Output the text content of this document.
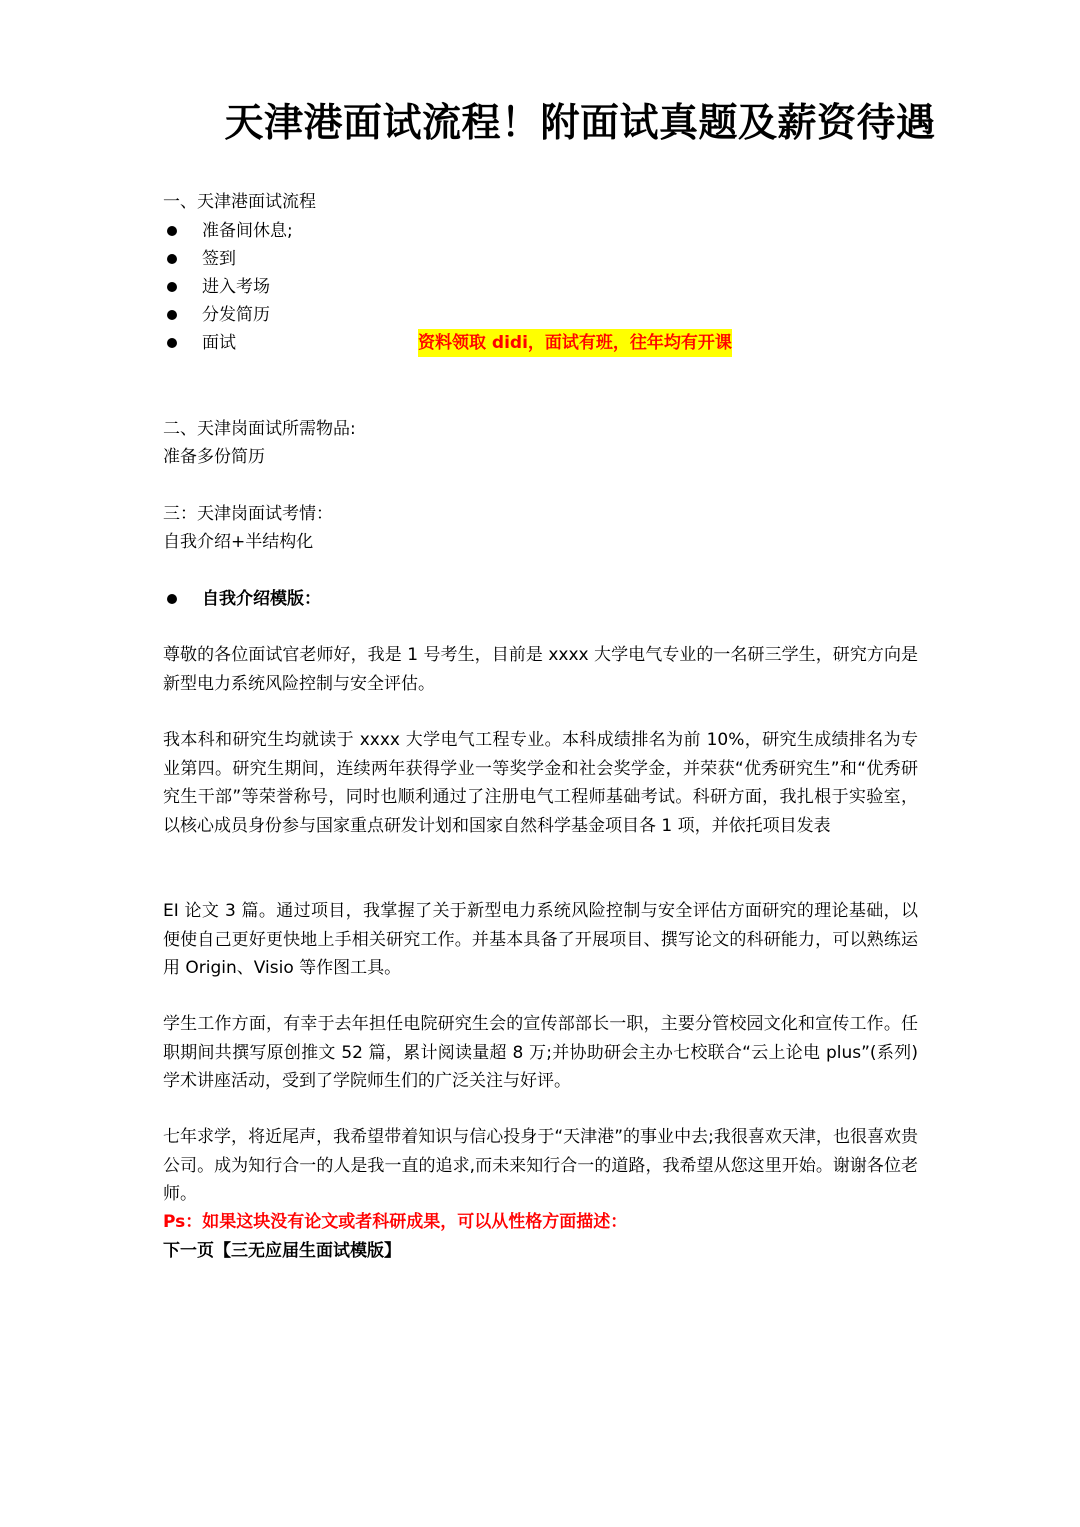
天津港面试流程！附面试真题及薪资待遇
一、天津港面试流程
准备间休息;
签到
进入考场
分发简历
面试	资料领取 didi，面试有班，往年均有开课
二、天津岗面试所需物品:
准备多份简历
三：天津岗面试考情：
自我介绍+半结构化
自我介绍模版：
尊敬的各位面试官老师好，我是 1 号考生，目前是 xxxx 大学电气专业的一名研三学生，研究方向是新型电力系统风险控制与安全评估。
我本科和研究生均就读于 xxxx 大学电气工程专业。本科成绩排名为前 10%，研究生成绩排名为专业第四。研究生期间，连续两年获得学业一等奖学金和社会奖学金，并荣获“优秀研究生”和“优秀研究生干部”等荣誉称号，同时也顺利通过了注册电气工程师基础考试。科研方面，我扎根于实验室，以核心成员身份参与国家重点研发计划和国家自然科学基金项目各 1 项，并依托项目发表
EI 论文 3 篇。通过项目，我掌握了关于新型电力系统风险控制与安全评估方面研究的理论基础，以便使自己更好更快地上手相关研究工作。并基本具备了开展项目、撰写论文的科研能力，可以熟练运用 Origin、Visio 等作图工具。
学生工作方面，有幸于去年担任电院研究生会的宣传部部长一职，主要分管校园文化和宣传工作。任职期间共撰写原创推文 52 篇，累计阅读量超 8 万;并协助研会主办七校联合“云上论电 plus”(系列)学术讲座活动，受到了学院师生们的广泛关注与好评。
七年求学，将近尾声，我希望带着知识与信心投身于“天津港”的事业中去;我很喜欢天津，也很喜欢贵公司。成为知行合一的人是我一直的追求,而未来知行合一的道路，我希望从您这里开始。谢谢各位老师。
Ps：如果这块没有论文或者科研成果，可以从性格方面描述：
下一页【三无应届生面试模版】
